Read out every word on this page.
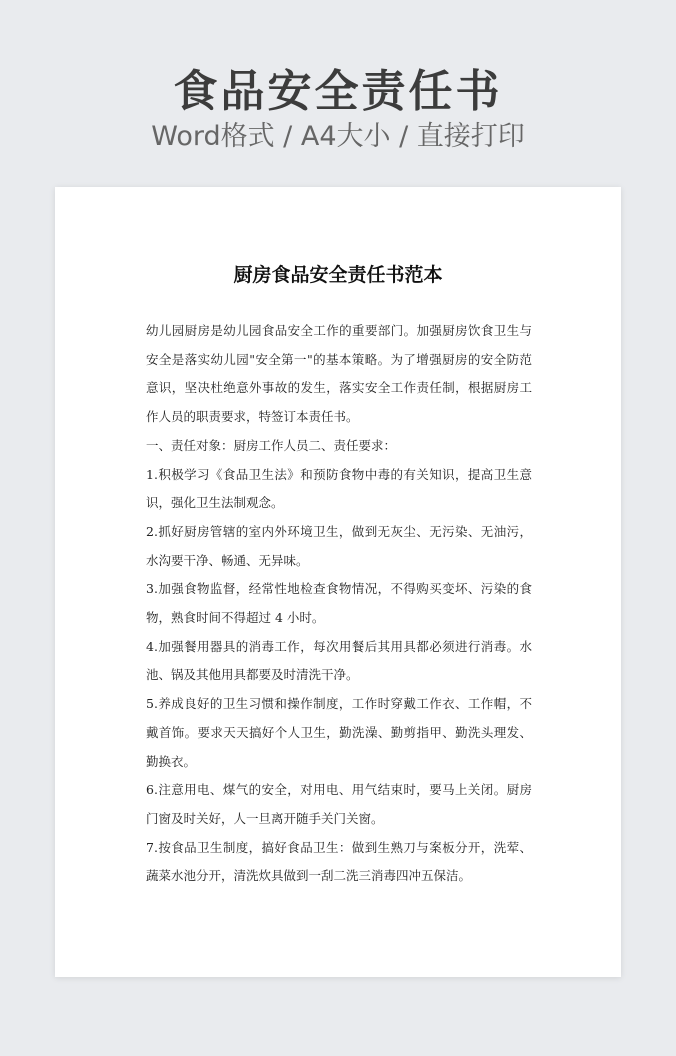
食品安全责任书
Word格式 / A4大小 / 直接打印
厨房食品安全责任书范本

幼儿园厨房是幼儿园食品安全工作的重要部门。加强厨房饮食卫生与安全是落实幼儿园"安全第一"的基本策略。为了增强厨房的安全防范意识，坚决杜绝意外事故的发生，落实安全工作责任制，根据厨房工作人员的职责要求，特签订本责任书。

一、责任对象：厨房工作人员二、责任要求：

1.积极学习《食品卫生法》和预防食物中毒的有关知识，提高卫生意识，强化卫生法制观念。

2.抓好厨房管辖的室内外环境卫生，做到无灰尘、无污染、无油污，水沟要干净、畅通、无异味。

3.加强食物监督，经常性地检查食物情况，不得购买变坏、污染的食物，熟食时间不得超过 4 小时。

4.加强餐用器具的消毒工作，每次用餐后其用具都必须进行消毒。水池、锅及其他用具都要及时清洗干净。

5.养成良好的卫生习惯和操作制度，工作时穿戴工作衣、工作帽，不戴首饰。要求天天搞好个人卫生，勤洗澡、勤剪指甲、勤洗头理发、勤换衣。

6.注意用电、煤气的安全，对用电、用气结束时，要马上关闭。厨房门窗及时关好，人一旦离开随手关门关窗。

7.按食品卫生制度，搞好食品卫生：做到生熟刀与案板分开，洗荤、蔬菜水池分开，清洗炊具做到一刮二洗三消毒四冲五保洁。
